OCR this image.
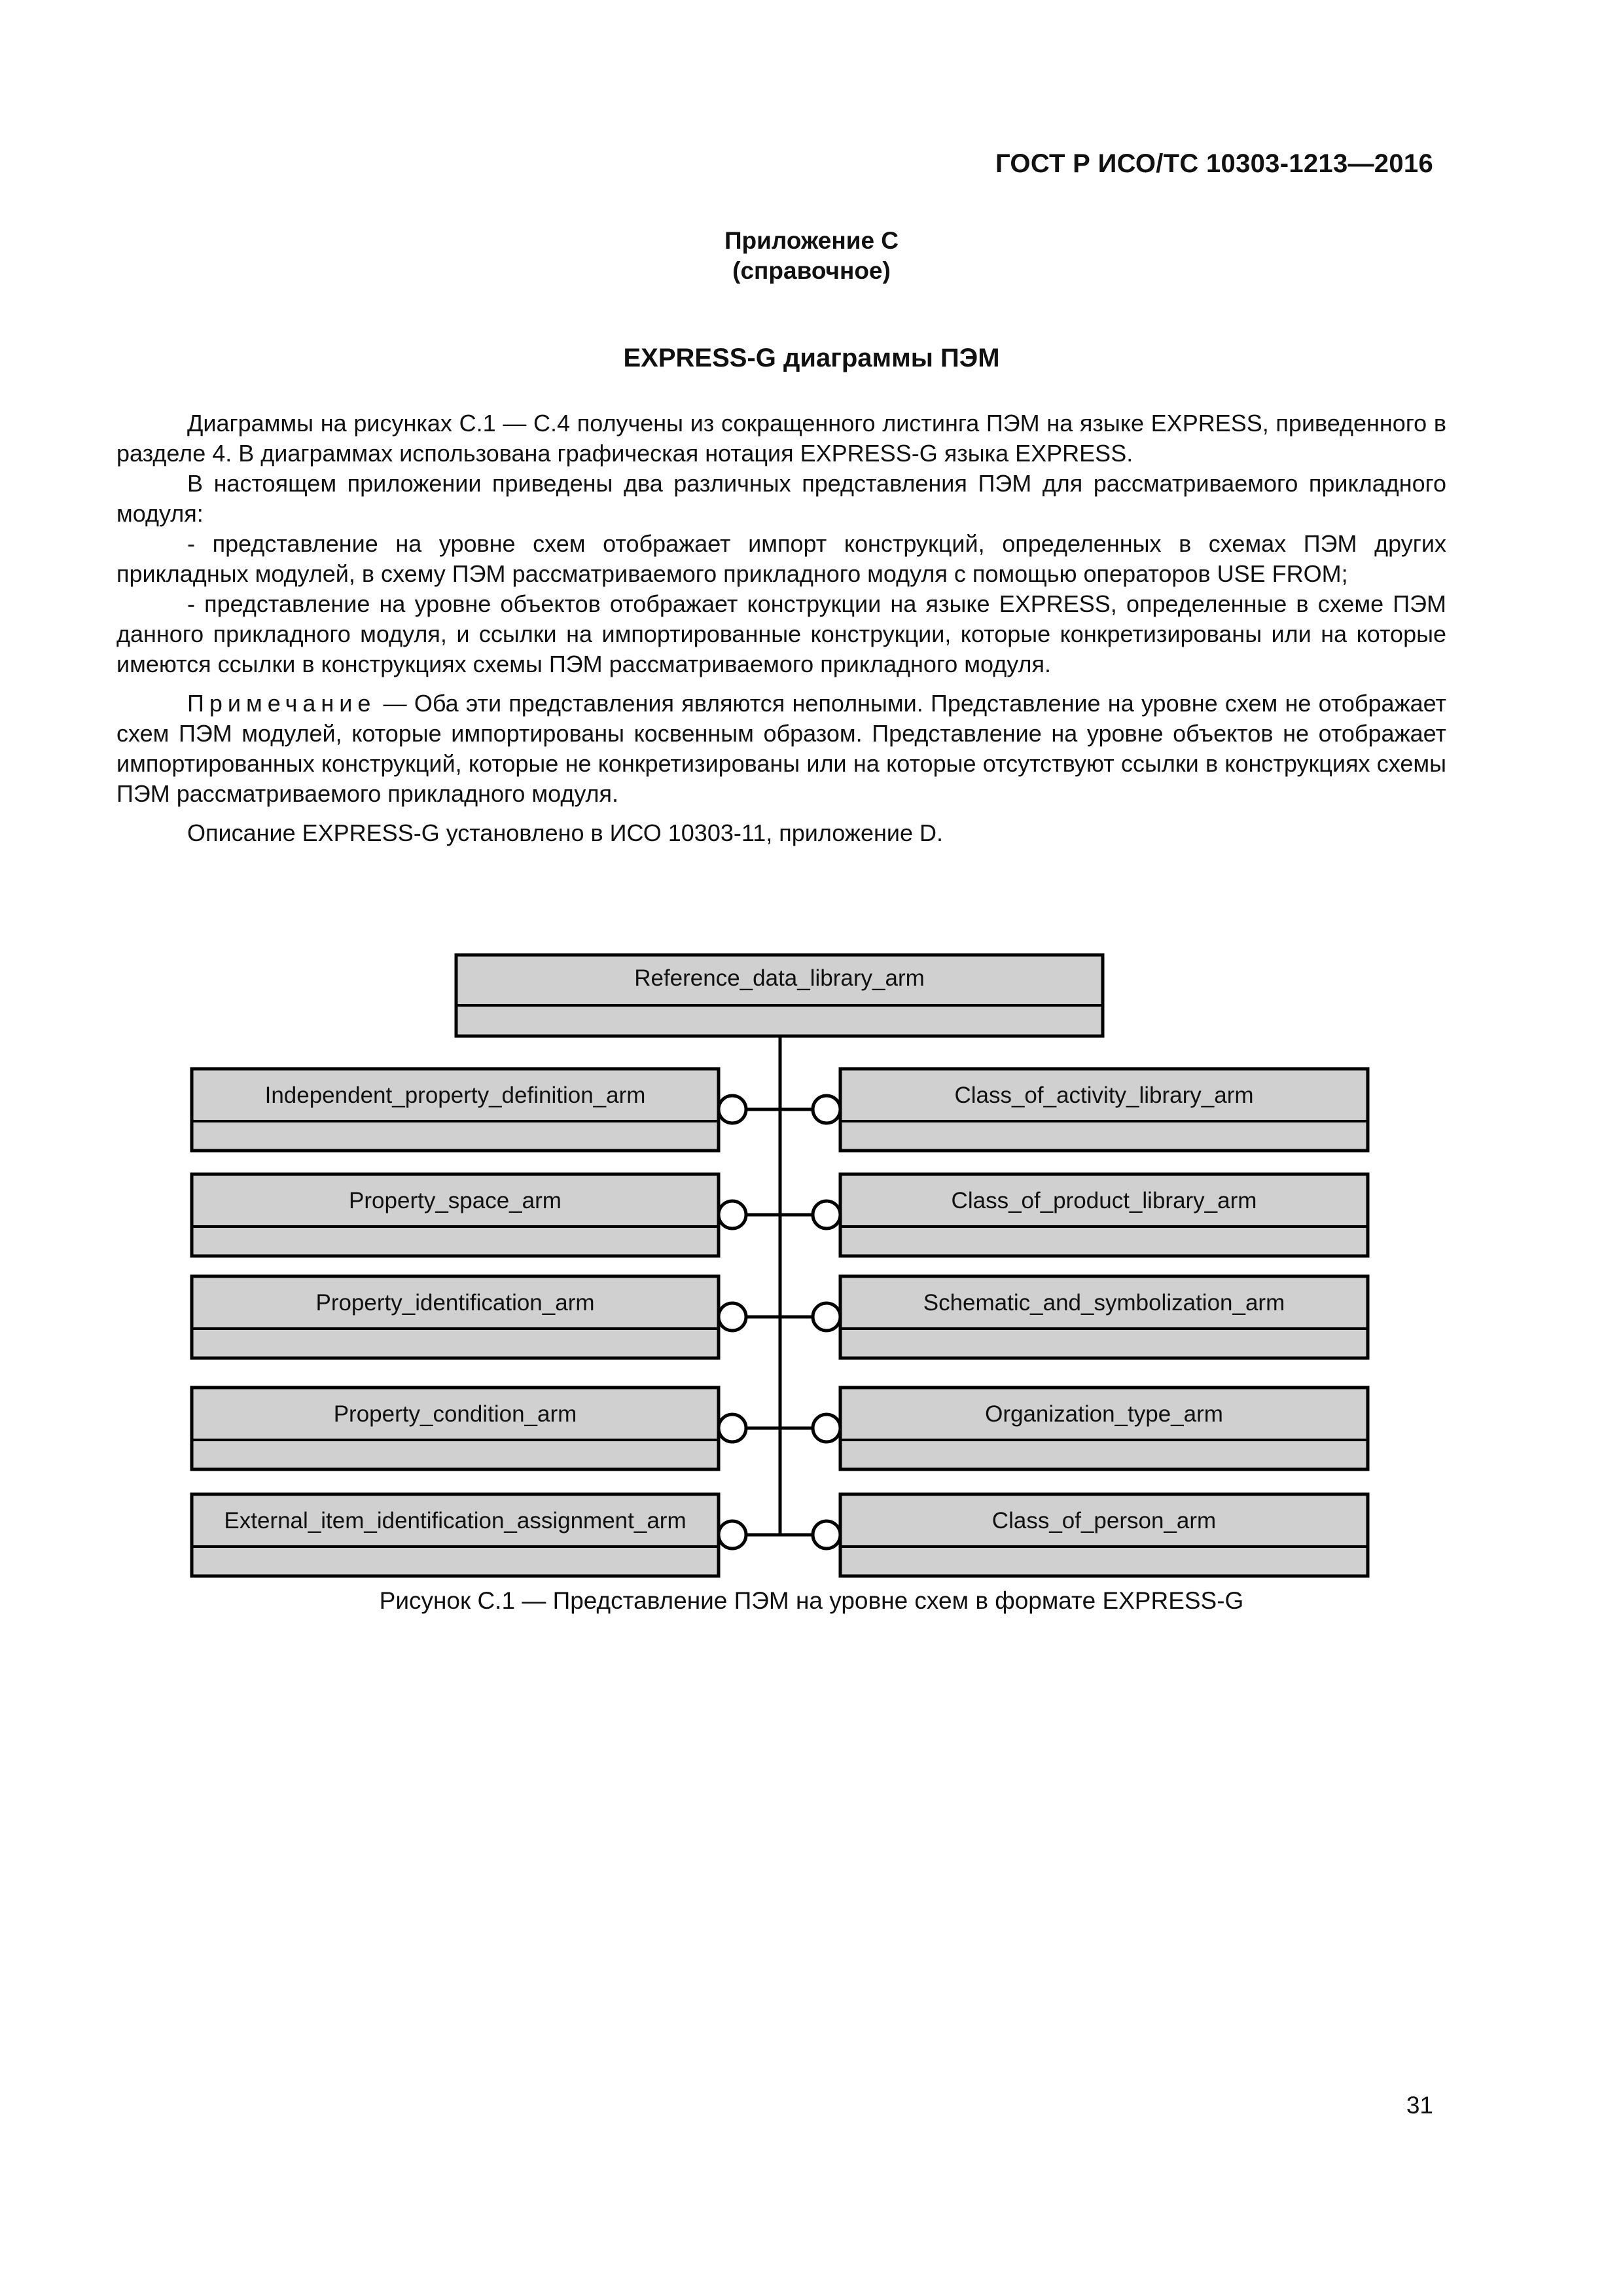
ГОСТ Р ИСО/ТС 10303-1213—2016
Приложение С
(справочное)
EXPRESS-G диаграммы ПЭМ

Диаграммы на рисунках С.1 — С.4 получены из сокращенного листинга ПЭМ на языке EXPRESS, приведенного в разделе 4. В диаграммах использована графическая нотация EXPRESS-G языка EXPRESS.

В настоящем приложении приведены два различных представления ПЭМ для рассматриваемого прикладного модуля:

- представление на уровне схем отображает импорт конструкций, определенных в схемах ПЭМ других прикладных модулей, в схему ПЭМ рассматриваемого прикладного модуля с помощью операторов USE FROM;

- представление на уровне объектов отображает конструкции на языке EXPRESS, определенные в схеме ПЭМ данного прикладного модуля, и ссылки на импортированные конструкции, которые конкретизированы или на которые имеются ссылки в конструкциях схемы ПЭМ рассматриваемого прикладного модуля.

Примечание — Оба эти представления являются неполными. Представление на уровне схем не отображает схем ПЭМ модулей, которые импортированы косвенным образом. Представление на уровне объектов не отображает импортированных конструкций, которые не конкретизированы или на которые отсутствуют ссылки в конструкциях схемы ПЭМ рассматриваемого прикладного модуля.

Описание EXPRESS-G установлено в ИСО 10303-11, приложение D.

Reference_data_library_arm
Independent_property_definition_arm
Property_space_arm
Property_identification_arm
Property_condition_arm
External_item_identification_assignment_arm
Class_of_activity_library_arm
Class_of_product_library_arm
Schematic_and_symbolization_arm
Organization_type_arm
Class_of_person_arm
Рисунок С.1 — Представление ПЭМ на уровне схем в формате EXPRESS-G
31
